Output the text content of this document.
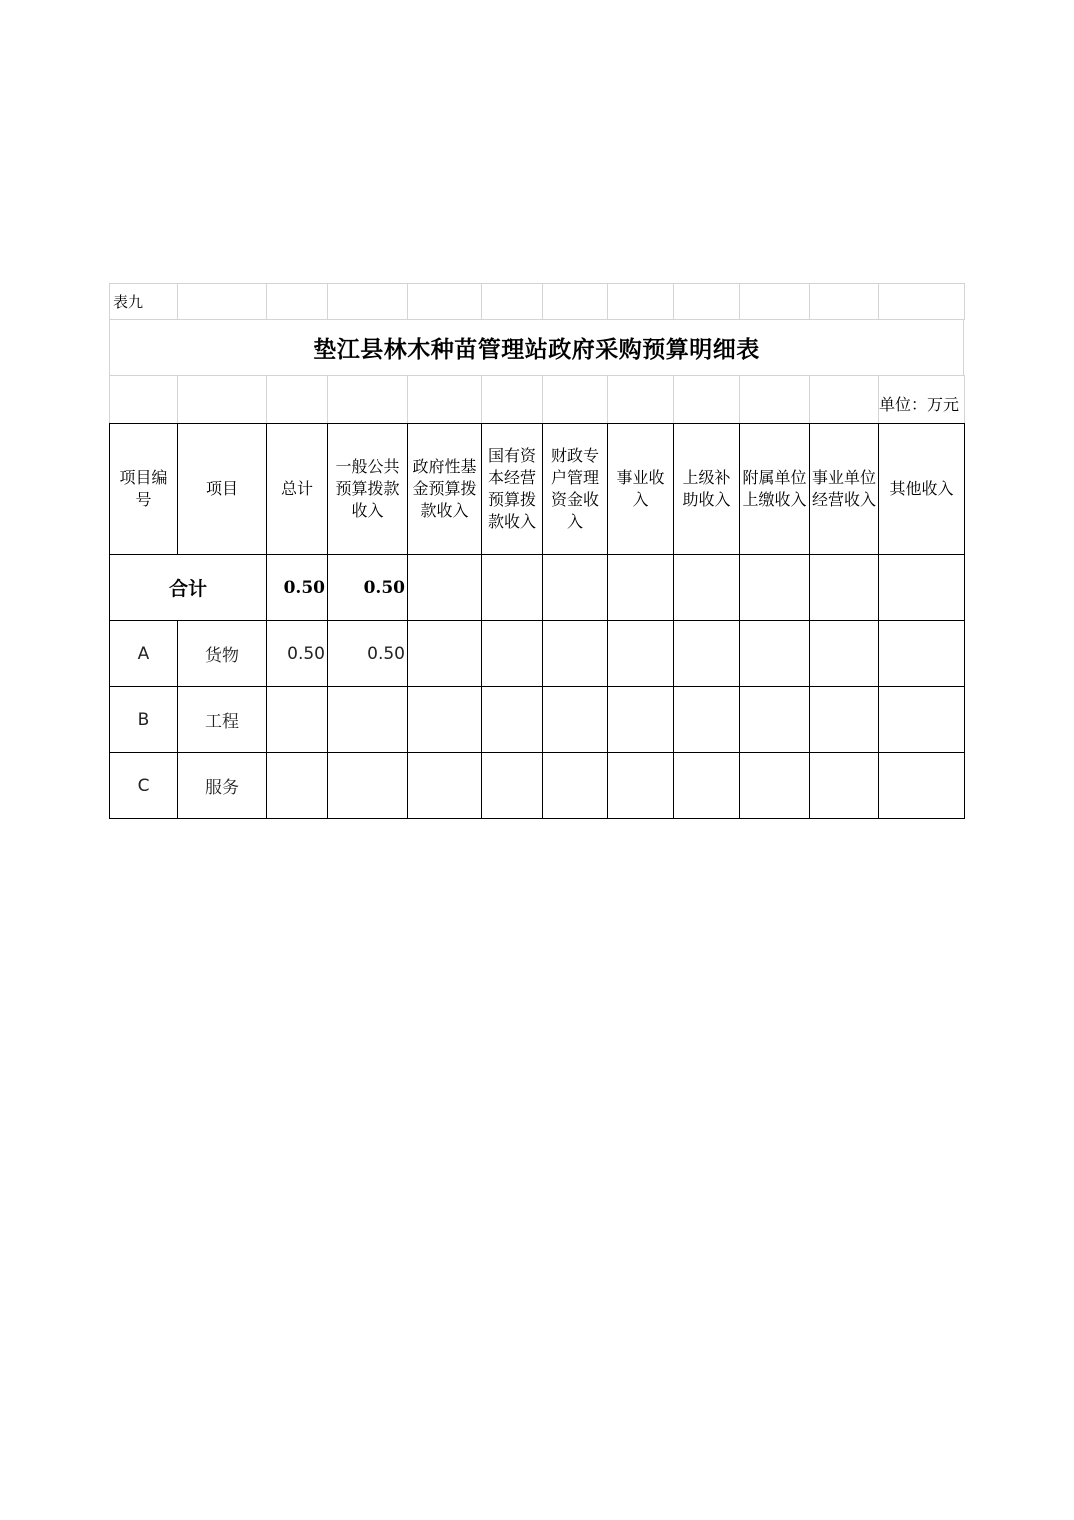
表九											
垫江县林木种苗管理站政府采购预算明细表
											单位：万元
项目编号	项目	总计	一般公共预算拨款收入	政府性基金预算拨款收入	国有资本经营预算拨款收入	财政专户管理资金收入	事业收入	上级补助收入	附属单位上缴收入	事业单位经营收入	其他收入
合计		0.50	0.50								
A	货物	0.50	0.50								
B	工程										
C	服务										
